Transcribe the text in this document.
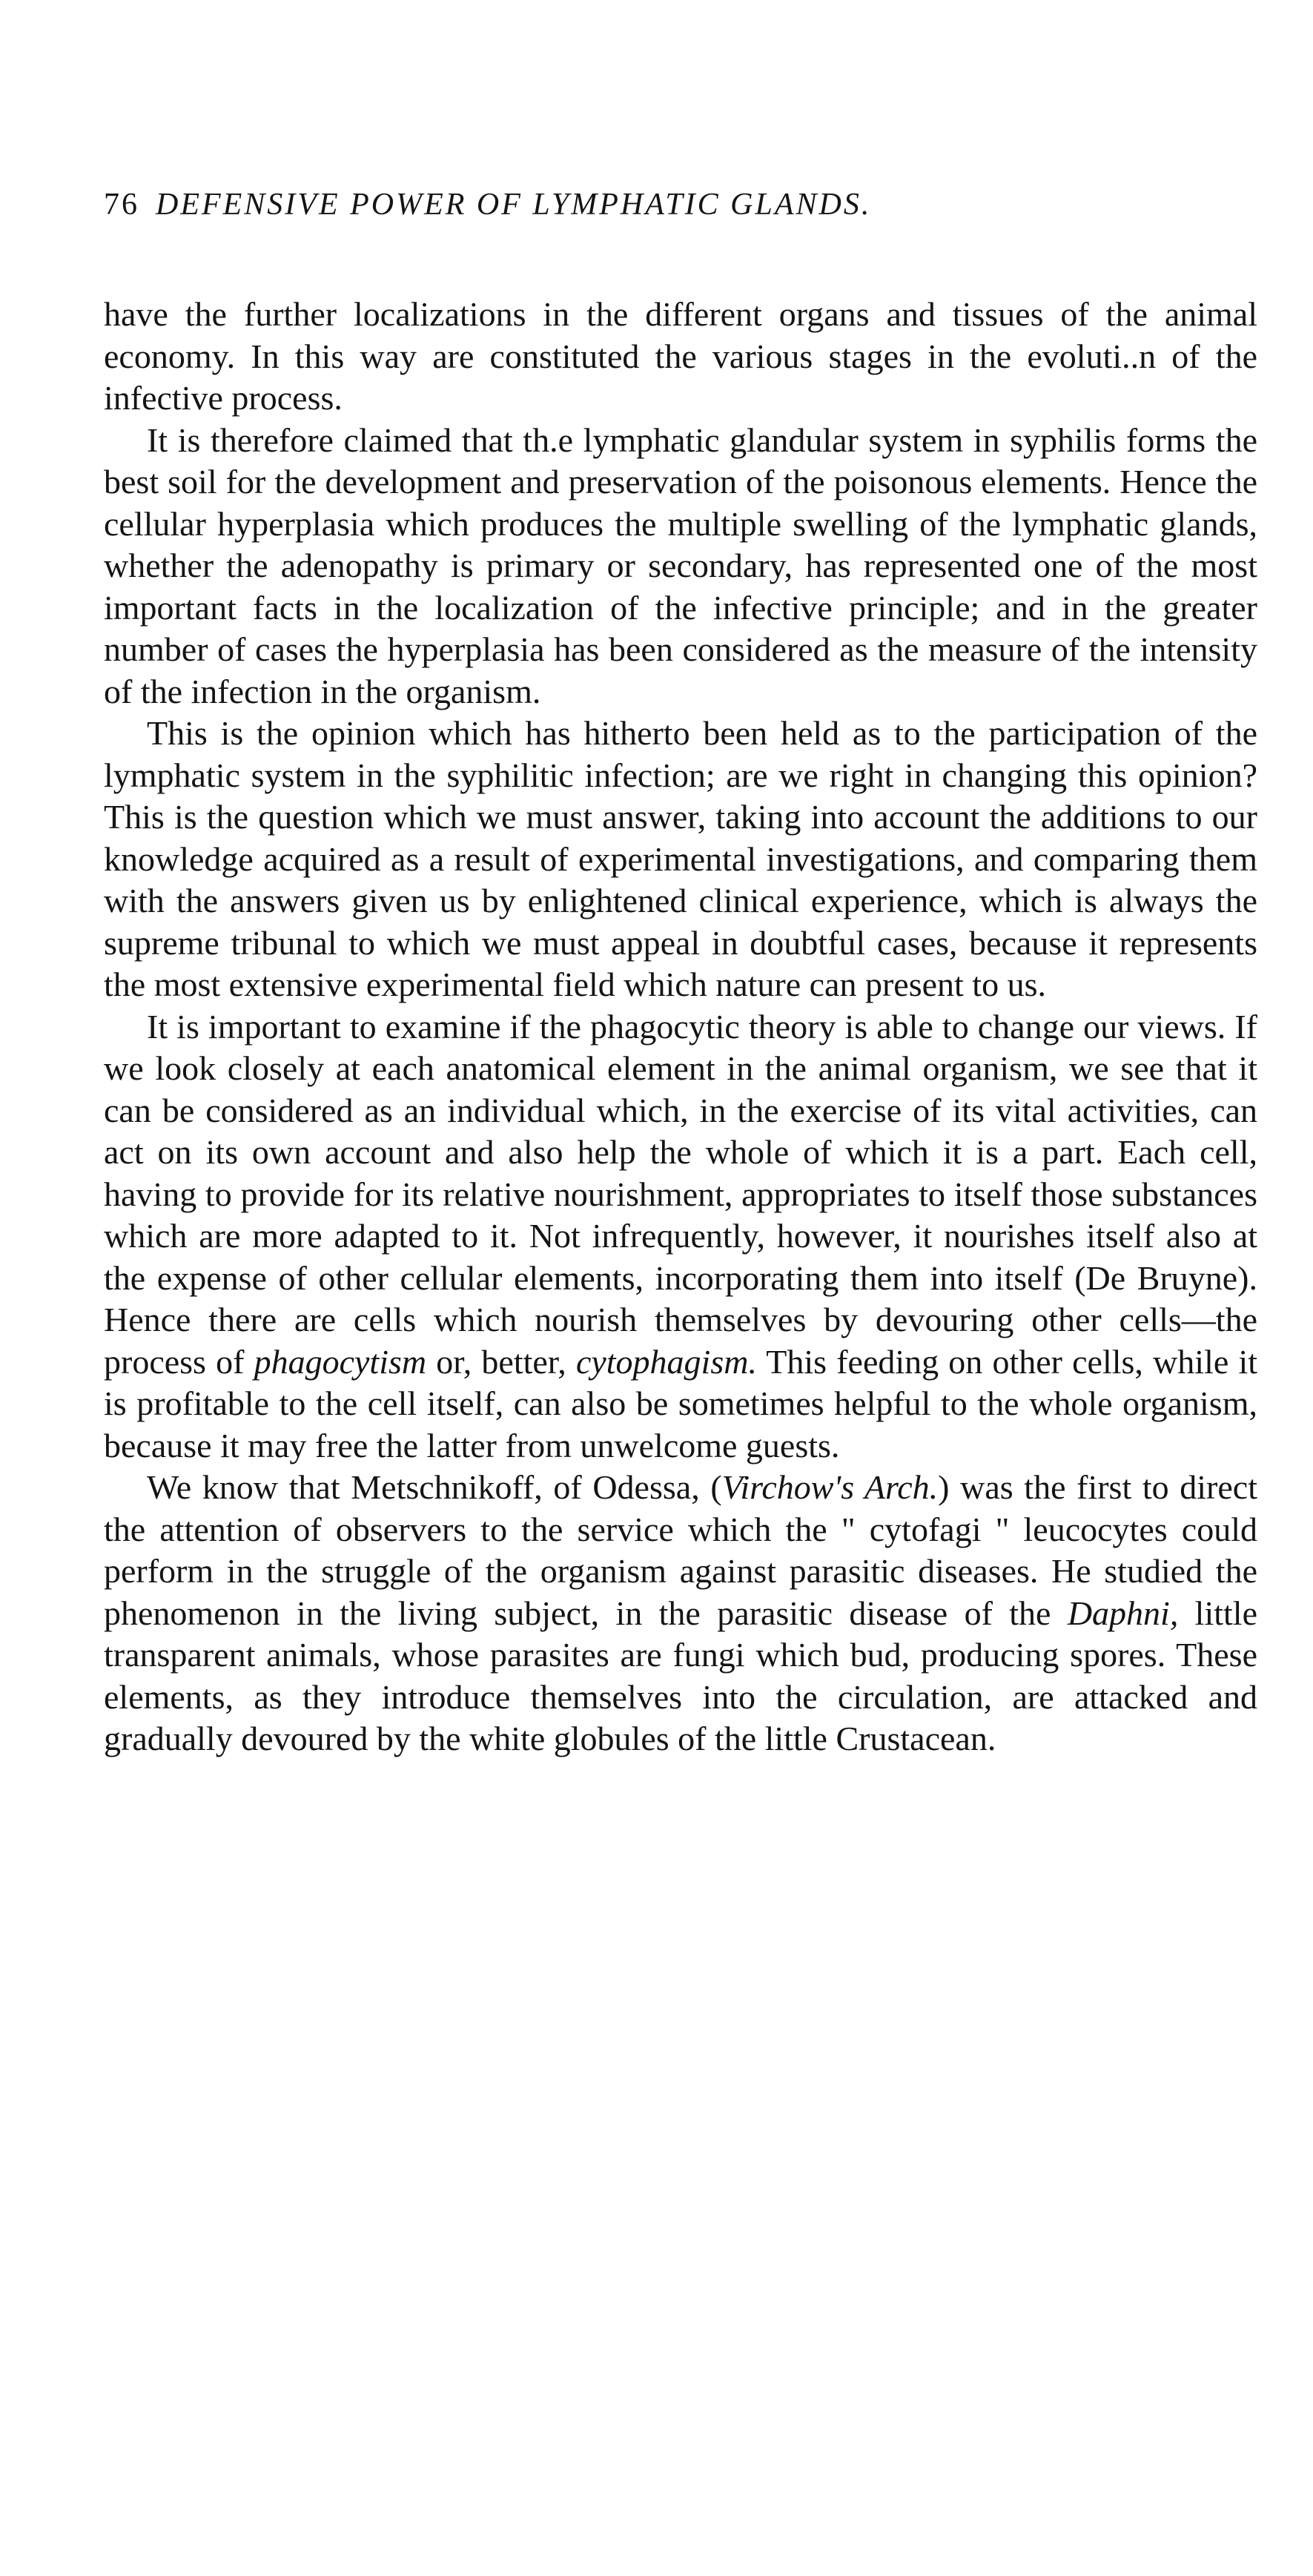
76 DEFENSIVE POWER OF LYMPHATIC GLANDS.

have the further localizations in the different organs and tissues of the animal economy. In this way are constituted the various stages in the evoluti..n of the infective process.

It is therefore claimed that th.e lymphatic glandular system in syphilis forms the best soil for the development and preservation of the poisonous elements. Hence the cellular hyperplasia which produces the multiple swelling of the lymphatic glands, whether the adenopathy is primary or secondary, has represented one of the most important facts in the localization of the infective principle; and in the greater number of cases the hyperplasia has been considered as the measure of the intensity of the infection in the organism.

This is the opinion which has hitherto been held as to the participation of the lymphatic system in the syphilitic infection; are we right in changing this opinion? This is the question which we must answer, taking into account the additions to our knowledge acquired as a result of experimental investigations, and comparing them with the answers given us by enlightened clinical experience, which is always the supreme tribunal to which we must appeal in doubtful cases, because it represents the most extensive experimental field which nature can present to us.

It is important to examine if the phagocytic theory is able to change our views. If we look closely at each anatomical element in the animal organism, we see that it can be considered as an individual which, in the exercise of its vital activities, can act on its own account and also help the whole of which it is a part. Each cell, having to provide for its relative nourishment, appropriates to itself those substances which are more adapted to it. Not infrequently, however, it nourishes itself also at the expense of other cellular elements, incorporating them into itself (De Bruyne). Hence there are cells which nourish themselves by devouring other cells—the process of phagocytism or, better, cytophagism. This feeding on other cells, while it is profitable to the cell itself, can also be sometimes helpful to the whole organism, because it may free the latter from unwelcome guests.

We know that Metschnikoff, of Odessa, (Virchow's Arch.) was the first to direct the attention of observers to the service which the " cytofagi " leucocytes could perform in the struggle of the organism against parasitic diseases. He studied the phenomenon in the living subject, in the parasitic disease of the Daphni, little transparent animals, whose parasites are fungi which bud, producing spores. These elements, as they introduce themselves into the circulation, are attacked and gradually devoured by the white globules of the little Crustacean.
